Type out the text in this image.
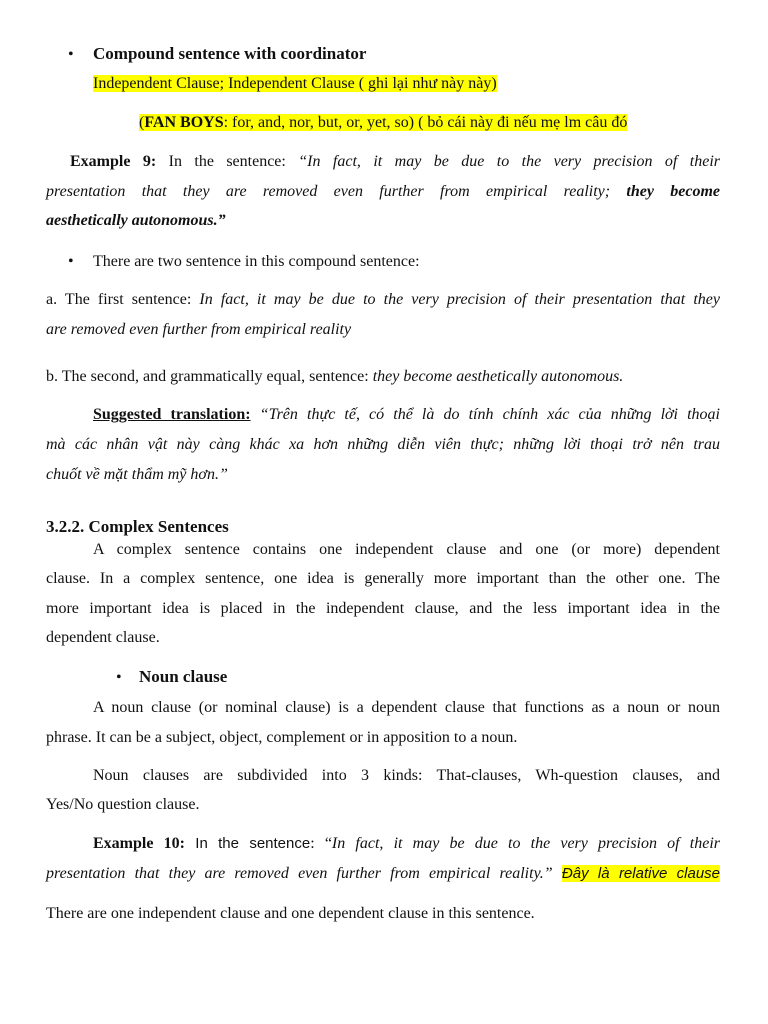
• Compound sentence with coordinator
Independent Clause; Independent Clause ( ghi lại như này này)
(FAN BOYS: for, and, nor, but, or, yet, so) ( bỏ cái này đi nếu mẹ lm câu đó
Example 9: In the sentence: “In fact, it may be due to the very precision of their
presentation that they are removed even further from empirical reality; they become
aesthetically autonomous.”
• There are two sentence in this compound sentence:
a. The first sentence: In fact, it may be due to the very precision of their presentation that they
are removed even further from empirical reality
b. The second, and grammatically equal, sentence: they become aesthetically autonomous.
Suggested translation: “Trên thực tế, có thể là do tính chính xác của những lời thoại
mà các nhân vật này càng khác xa hơn những diễn viên thực; những lời thoại trở nên trau
chuốt về mặt thẩm mỹ hơn.”
3.2.2. Complex Sentences
A complex sentence contains one independent clause and one (or more) dependent
clause. In a complex sentence, one idea is generally more important than the other one. The
more important idea is placed in the independent clause, and the less important idea in the
dependent clause.
• Noun clause
A noun clause (or nominal clause) is a dependent clause that functions as a noun or noun
phrase. It can be a subject, object, complement or in apposition to a noun.
Noun clauses are subdivided into 3 kinds: That-clauses, Wh-question clauses, and
Yes/No question clause.
Example 10: In the sentence: “In fact, it may be due to the very precision of their
presentation that they are removed even further from empirical reality.” Đây là relative clause
There are one independent clause and one dependent clause in this sentence.
